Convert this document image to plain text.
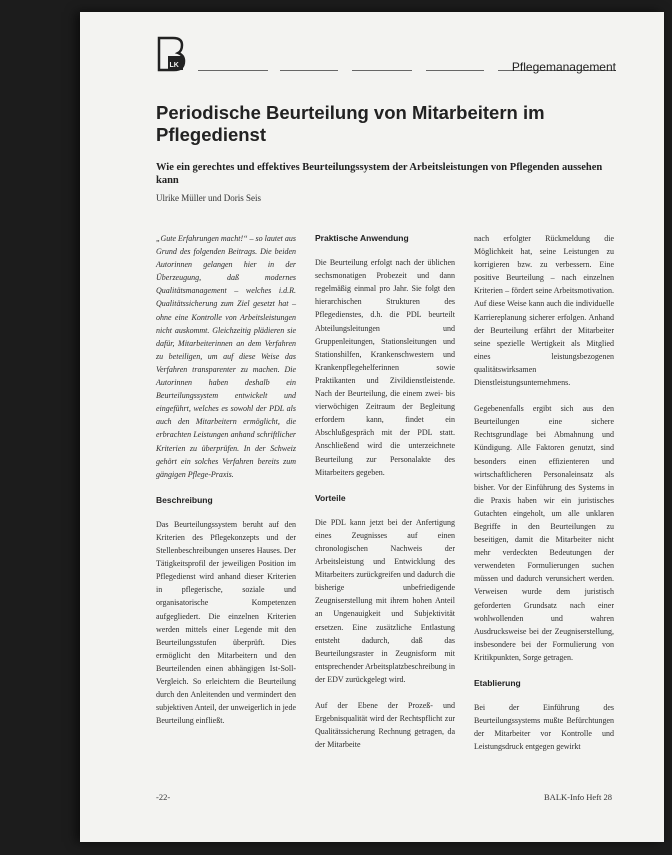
LK	Pflegemanagement
Periodische Beurteilung von Mitarbeitern im Pflegedienst
Wie ein gerechtes und effektives Beurteilungssystem der Arbeitsleistungen von Pflegenden aussehen kann
Ulrike Müller und Doris Seis

„Gute Erfahrungen macht!“ – so lautet aus Grund des folgenden Beitrags. Die beiden Autorinnen gelangen hier in der Überzeugung, daß modernes Qualitätsmanagement – welches i.d.R. Qualitätssicherung zum Ziel gesetzt hat – ohne eine Kontrolle von Arbeitsleistungen nicht auskommt. Gleichzeitig plädieren sie dafür, Mitarbeiterinnen an dem Verfahren zu beteiligen, um auf diese Weise das Verfahren transparenter zu machen. Die Autorinnen haben deshalb ein Beurteilungssystem entwickelt und eingeführt, welches es sowohl der PDL als auch den Mitarbeitern ermöglicht, die erbrachten Leistungen anhand schriftlicher Kriterien zu überprüfen. In der Schweiz gehört ein solches Verfahren bereits zum gängigen Pflege-Praxis.

Beschreibung

Das Beurteilungssystem beruht auf den Kriterien des Pflegekonzepts und der Stellenbeschreibungen unseres Hauses. Der Tätigkeitsprofil der jeweiligen Position im Pflegedienst wird anhand dieser Kriterien in pflegerische, soziale und organisatorische Kompetenzen aufgegliedert. Die einzelnen Kriterien werden mittels einer Legende mit den Beurteilungsstufen überprüft. Dies ermöglicht den Mitarbeitern und den Beurteilenden einen abhängigen Ist-Soll-Vergleich. So erleichtern die Beurteilung durch den Anleitenden und vermindert den subjektiven Anteil, der unweigerlich in jede Beurteilung einfließt.

Praktische Anwendung

Die Beurteilung erfolgt nach der üblichen sechsmonatigen Probezeit und dann regelmäßig einmal pro Jahr. Sie folgt den hierarchischen Strukturen des Pflegedienstes, d.h. die PDL beurteilt Abteilungsleitungen und Gruppenleitungen, Stationsleitungen und Stationshilfen, Krankenschwestern und Krankenpflegehelferinnen sowie Praktikanten und Zivildienstleistende. Nach der Beurteilung, die einem zwei- bis vierwöchigen Zeitraum der Begleitung erfordern kann, findet ein Abschlußgespräch mit der PDL statt. Anschließend wird die unterzeichnete Beurteilung zur Personalakte des Mitarbeiters gegeben.

Vorteile

Die PDL kann jetzt bei der Anfertigung eines Zeugnisses auf einen chronologischen Nachweis der Arbeitsleistung und Entwicklung des Mitarbeiters zurückgreifen und dadurch die bisherige unbefriedigende Zeugniserstellung mit ihrem hohen Anteil an Ungenauigkeit und Subjektivität ersetzen. Eine zusätzliche Entlastung entsteht dadurch, daß das Beurteilungsraster in Zeugnisform mit entsprechender Arbeitsplatzbeschreibung in der EDV zurückgelegt wird.

Auf der Ebene der Prozeß- und Ergebnisqualität wird der Rechtspflicht zur Qualitätssicherung Rechnung getragen, da der Mitarbeite

nach erfolgter Rückmeldung die Möglichkeit hat, seine Leistungen zu korrigieren bzw. zu verbessern. Eine positive Beurteilung – nach einzelnen Kriterien – fördert seine Arbeitsmotivation. Auf diese Weise kann auch die individuelle Karriereplanung sicherer erfolgen. Anhand der Beurteilung erfährt der Mitarbeiter seine spezielle Wertigkeit als Mitglied eines leistungsbezogenen qualitätswirksamen Dienstleistungsunternehmens.

Gegebenenfalls ergibt sich aus den Beurteilungen eine sichere Rechtsgrundlage bei Abmahnung und Kündigung. Alle Faktoren genutzt, sind besonders einen effizienteren und wirtschaftlicheren Personaleinsatz als bisher. Vor der Einführung des Systems in die Praxis haben wir ein juristisches Gutachten eingeholt, um alle unklaren Begriffe in den Beurteilungen zu beseitigen, damit die Mitarbeiter nicht mehr verdeckten Bedeutungen der verwendeten Formulierungen suchen müssen und dadurch verunsichert werden. Verweisen wurde dem juristisch geforderten Grundsatz nach einer wohlwollenden und wahren Ausdrucksweise bei der Zeugniserstellung, insbesondere bei der Formulierung von Kritikpunkten, Sorge getragen.

Etablierung

Bei der Einführung des Beurteilungssystems mußte Befürchtungen der Mitarbeiter vor Kontrolle und Leistungsdruck entgegen gewirkt

-22-	BALK-Info Heft 28
